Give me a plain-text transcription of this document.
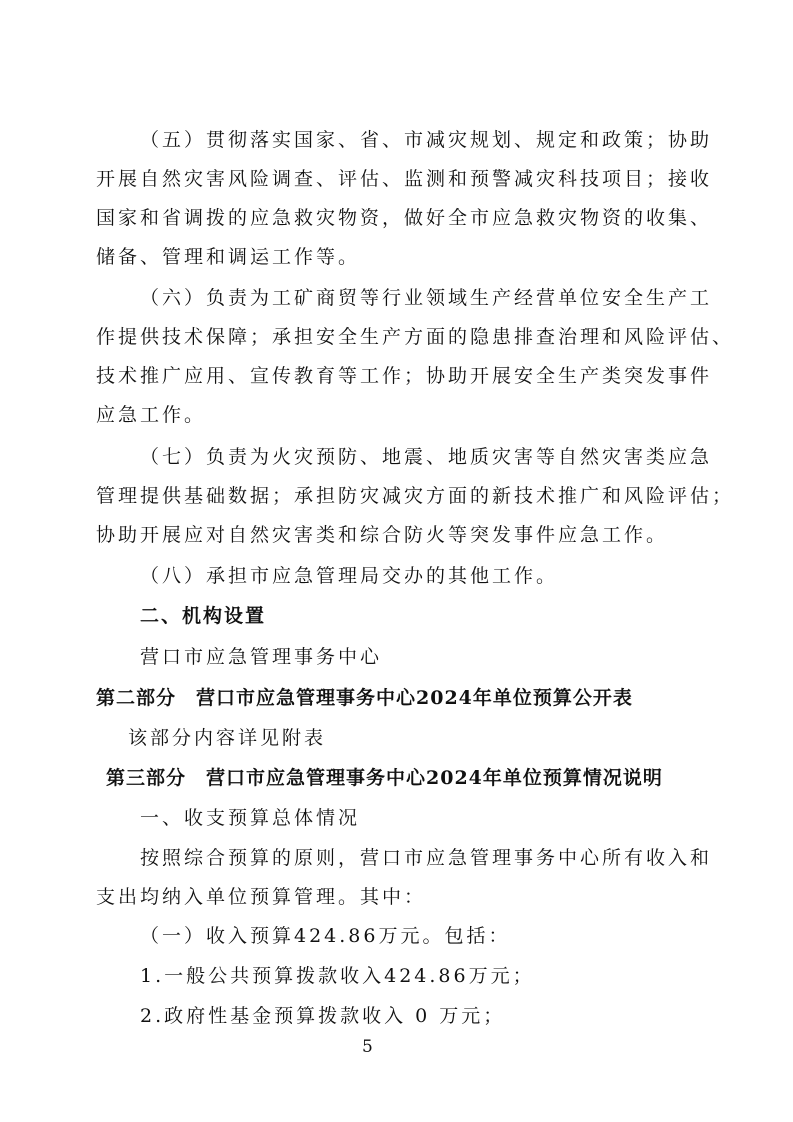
（五）贯彻落实国家、省、市减灾规划、规定和政策；协助
开展自然灾害风险调查、评估、监测和预警减灾科技项目；接收
国家和省调拨的应急救灾物资，做好全市应急救灾物资的收集、
储备、管理和调运工作等。
（六）负责为工矿商贸等行业领域生产经营单位安全生产工
作提供技术保障；承担安全生产方面的隐患排查治理和风险评估、
技术推广应用、宣传教育等工作；协助开展安全生产类突发事件
应急工作。
（七）负责为火灾预防、地震、地质灾害等自然灾害类应急
管理提供基础数据；承担防灾减灾方面的新技术推广和风险评估；
协助开展应对自然灾害类和综合防火等突发事件应急工作。
（八）承担市应急管理局交办的其他工作。
二、机构设置
营口市应急管理事务中心
第二部分　营口市应急管理事务中心2024年单位预算公开表
该部分内容详见附表
第三部分　营口市应急管理事务中心2024年单位预算情况说明
一、收支预算总体情况
按照综合预算的原则，营口市应急管理事务中心所有收入和
支出均纳入单位预算管理。其中：
（一）收入预算424.86万元。包括：
1.一般公共预算拨款收入424.86万元；
2.政府性基金预算拨款收入 0 万元；
5
